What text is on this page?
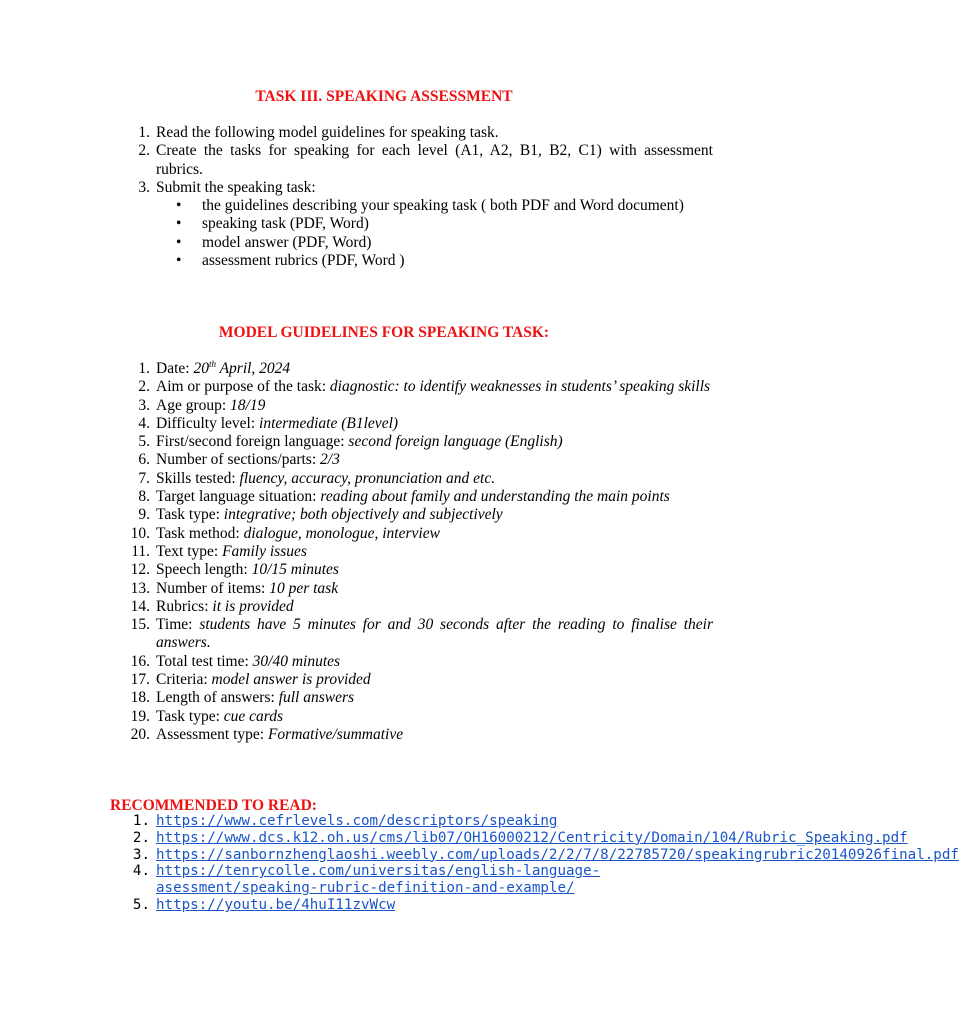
TASK III. SPEAKING ASSESSMENT
1. Read the following model guidelines for speaking task.
2. Create the tasks for speaking for each level (A1, A2, B1, B2, C1) with assessment rubrics.
3. Submit the speaking task:
• the guidelines describing your speaking task ( both PDF and Word document)
• speaking task (PDF, Word)
• model answer (PDF, Word)
• assessment rubrics (PDF, Word )
MODEL GUIDELINES FOR SPEAKING TASK:
1. Date: 20th April, 2024
2. Aim or purpose of the task: diagnostic: to identify weaknesses in students’ speaking skills
3. Age group: 18/19
4. Difficulty level: intermediate (B1level)
5. First/second foreign language: second foreign language (English)
6. Number of sections/parts: 2/3
7. Skills tested: fluency, accuracy, pronunciation and etc.
8. Target language situation: reading about family and understanding the main points
9. Task type: integrative; both objectively and subjectively
10. Task method: dialogue, monologue, interview
11. Text type: Family issues
12. Speech length: 10/15 minutes
13. Number of items: 10 per task
14. Rubrics: it is provided
15. Time: students have 5 minutes for and 30 seconds after the reading to finalise their answers.
16. Total test time: 30/40 minutes
17. Criteria: model answer is provided
18. Length of answers: full answers
19. Task type: cue cards
20. Assessment type: Formative/summative
RECOMMENDED TO READ:
1. https://www.cefrlevels.com/descriptors/speaking
2. https://www.dcs.k12.oh.us/cms/lib07/OH16000212/Centricity/Domain/104/Rubric_Speaking.pdf
3. https://sanbornzhenglaoshi.weebly.com/uploads/2/2/7/8/22785720/speakingrubric20140926final.pdf
4. https://tenrycolle.com/universitas/english-language-asessment/speaking-rubric-definition-and-example/
5. https://youtu.be/4huI11zvWcw
